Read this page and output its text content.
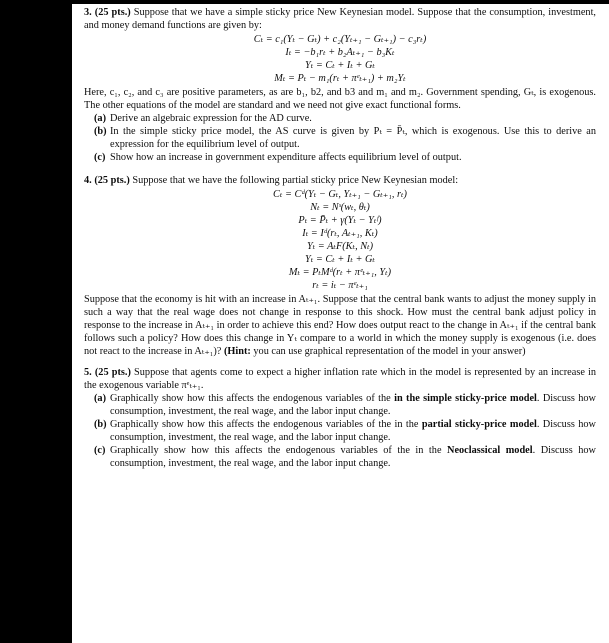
3. (25 pts.) Suppose that we have a simple sticky price New Keynesian model. Suppose that the consumption, investment, and money demand functions are given by:

Cₜ = c₁(Yₜ − Gₜ) + c₂(Yₜ₊₁ − Gₜ₊₁) − c₃rₜ)
Iₜ = −b₁rₜ + b₂Aₜ₊₁ − b₃Kₜ
Yₜ = Cₜ + Iₜ + Gₜ
Mₜ = Pₜ − m₁(rₜ + πᵉₜ₊₁) + m₂Yₜ

Here, c₁, c₂, and c₃ are positive parameters, as are b₁, b2, and b3 and m₁ and m₂. Government spending, Gₜ, is exogenous. The other equations of the model are standard and we need not give exact functional forms.

(a) Derive an algebraic expression for the AD curve.
(b) In the simple sticky price model, the AS curve is given by Pₜ = P̄ₜ, which is exogenous. Use this to derive an expression for the equilibrium level of output.
(c) Show how an increase in government expenditure affects equilibrium level of output.

4. (25 pts.) Suppose that we have the following partial sticky price New Keynesian model:

Cₜ = Cᵈ(Yₜ − Gₜ, Yₜ₊₁ − Gₜ₊₁, rₜ)
Nₜ = Nˢ(wₜ, θₜ)
Pₜ = P̄ₜ + γ(Yₜ − Yₜᶠ)
Iₜ = Iᵈ(rₜ, Aₜ₊₁, Kₜ)
Yₜ = AₜF(Kₜ, Nₜ)
Yₜ = Cₜ + Iₜ + Gₜ
Mₜ = PₜMᵈ(rₜ + πᵉₜ₊₁, Yₜ)
rₜ = iₜ − πᵉₜ₊₁

Suppose that the economy is hit with an increase in Aₜ₊₁. Suppose that the central bank wants to adjust the money supply in such a way that the real wage does not change in response to this shock. How must the central bank adjust policy in response to the increase in Aₜ₊₁ in order to achieve this end? How does output react to the change in Aₜ₊₁ if the central bank follows such a policy? How does this change in Yₜ compare to a world in which the money supply is exogenous (i.e. does not react to the increase in Aₜ₊₁)? (Hint: you can use graphical representation of the model in your answer)

5. (25 pts.) Suppose that agents come to expect a higher inflation rate which in the model is represented by an increase in the exogenous variable πᵉₜ₊₁.

(a) Graphically show how this affects the endogenous variables of the in the simple sticky-price model. Discuss how consumption, investment, the real wage, and the labor input change.
(b) Graphically show how this affects the endogenous variables of the in the partial sticky-price model. Discuss how consumption, investment, the real wage, and the labor input change.
(c) Graphically show how this affects the endogenous variables of the in the Neoclassical model. Discuss how consumption, investment, the real wage, and the labor input change.
